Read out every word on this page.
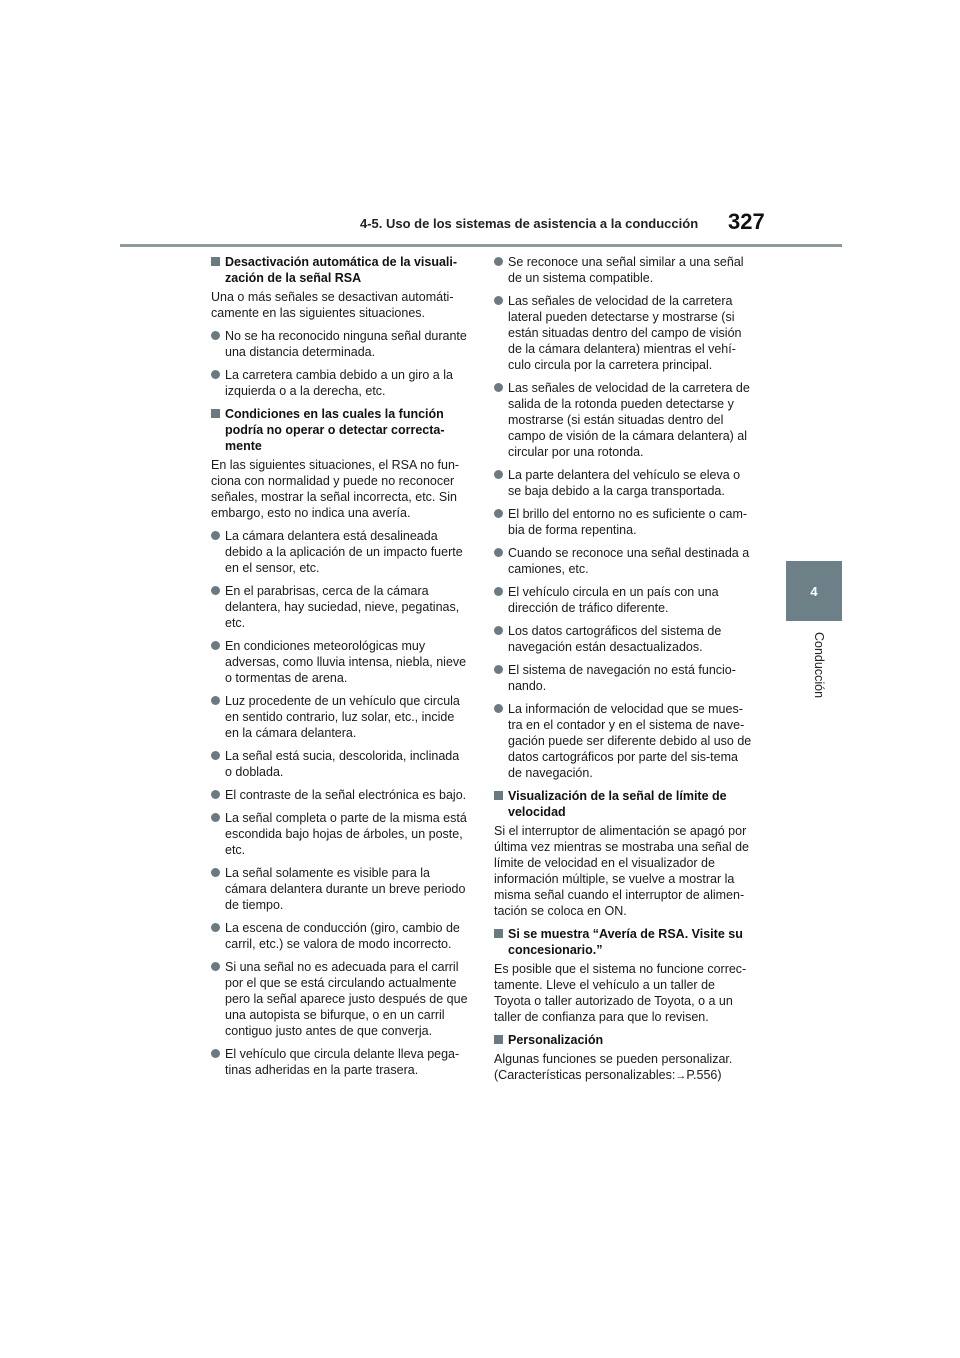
4-5. Uso de los sistemas de asistencia a la conducción 327
4
Conducción
Desactivación automática de la visuali-zación de la señal RSA

Una o más señales se desactivan automáti-camente en las siguientes situaciones.

No se ha reconocido ninguna señal durante una distancia determinada.
La carretera cambia debido a un giro a la izquierda o a la derecha, etc.
Condiciones en las cuales la función podría no operar o detectar correcta-mente

En las siguientes situaciones, el RSA no fun-ciona con normalidad y puede no reconocer señales, mostrar la señal incorrecta, etc. Sin embargo, esto no indica una avería.

La cámara delantera está desalineada debido a la aplicación de un impacto fuerte en el sensor, etc.
En el parabrisas, cerca de la cámara delantera, hay suciedad, nieve, pegatinas, etc.
En condiciones meteorológicas muy adversas, como lluvia intensa, niebla, nieve o tormentas de arena.
Luz procedente de un vehículo que circula en sentido contrario, luz solar, etc., incide en la cámara delantera.
La señal está sucia, descolorida, inclinada o doblada.
El contraste de la señal electrónica es bajo.
La señal completa o parte de la misma está escondida bajo hojas de árboles, un poste, etc.
La señal solamente es visible para la cámara delantera durante un breve periodo de tiempo.
La escena de conducción (giro, cambio de carril, etc.) se valora de modo incorrecto.
Si una señal no es adecuada para el carril por el que se está circulando actualmente pero la señal aparece justo después de que una autopista se bifurque, o en un carril contiguo justo antes de que converja.
El vehículo que circula delante lleva pega-tinas adheridas en la parte trasera.
Se reconoce una señal similar a una señal de un sistema compatible.
Las señales de velocidad de la carretera lateral pueden detectarse y mostrarse (si están situadas dentro del campo de visión de la cámara delantera) mientras el vehí-culo circula por la carretera principal.
Las señales de velocidad de la carretera de salida de la rotonda pueden detectarse y mostrarse (si están situadas dentro del campo de visión de la cámara delantera) al circular por una rotonda.
La parte delantera del vehículo se eleva o se baja debido a la carga transportada.
El brillo del entorno no es suficiente o cam-bia de forma repentina.
Cuando se reconoce una señal destinada a camiones, etc.
El vehículo circula en un país con una dirección de tráfico diferente.
Los datos cartográficos del sistema de navegación están desactualizados.
El sistema de navegación no está funcio-nando.
La información de velocidad que se mues-tra en el contador y en el sistema de nave-gación puede ser diferente debido al uso de datos cartográficos por parte del sis-tema de navegación.
Visualización de la señal de límite de velocidad

Si el interruptor de alimentación se apagó por última vez mientras se mostraba una señal de límite de velocidad en el visualizador de información múltiple, se vuelve a mostrar la misma señal cuando el interruptor de alimen-tación se coloca en ON.

Si se muestra “Avería de RSA. Visite su concesionario.”

Es posible que el sistema no funcione correc-tamente. Lleve el vehículo a un taller de Toyota o taller autorizado de Toyota, o a un taller de confianza para que lo revisen.

Personalización

Algunas funciones se pueden personalizar. (Características personalizables:→P.556)
